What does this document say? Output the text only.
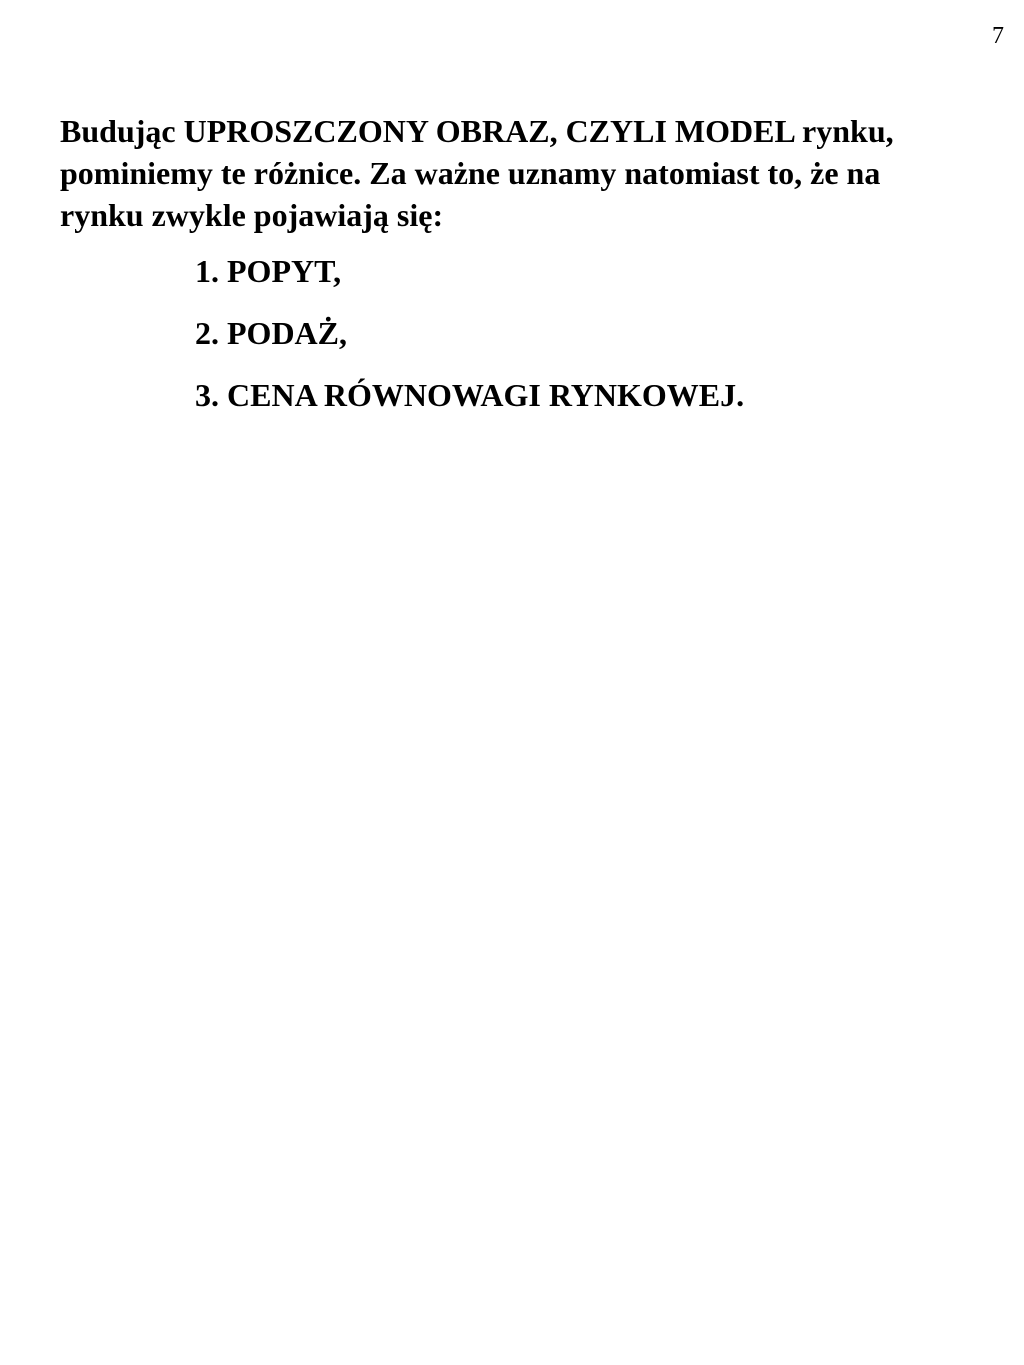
7

Budując UPROSZCZONY OBRAZ, CZYLI MODEL rynku,
pominiemy te różnice. Za ważne uznamy natomiast to, że na
rynku zwykle pojawiają się:

1. POPYT,
2. PODAŻ,
3. CENA RÓWNOWAGI RYNKOWEJ.
